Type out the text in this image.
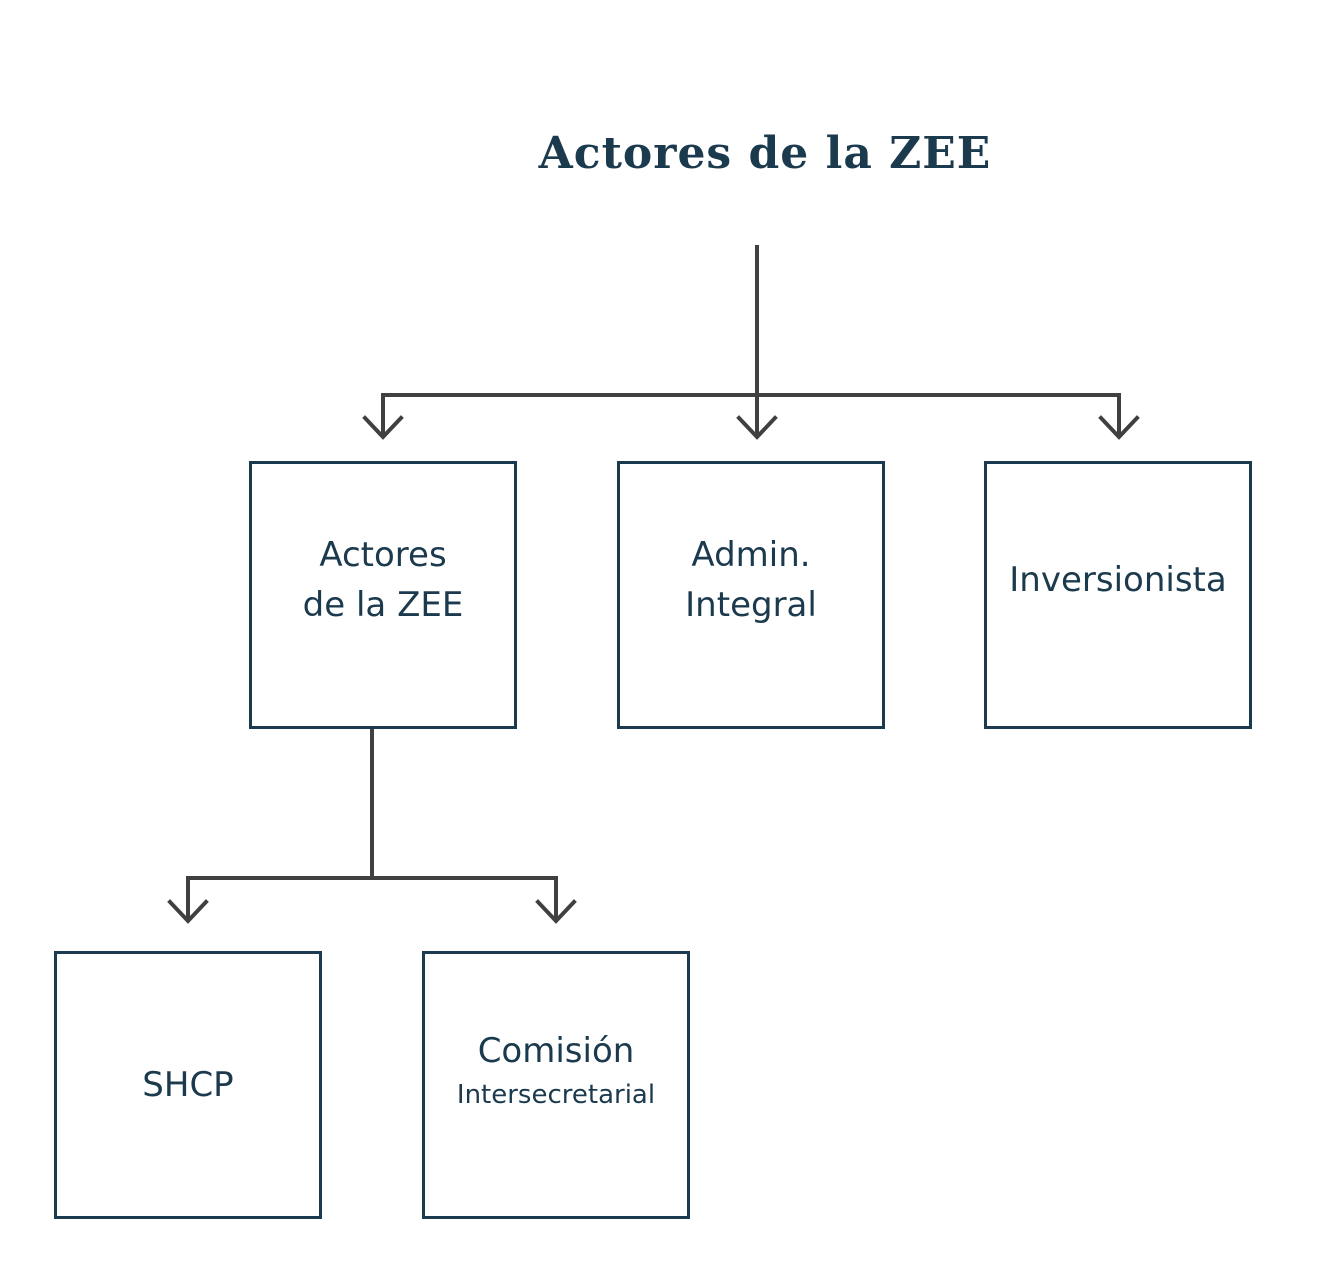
Actores de la ZEE
Actores
de la ZEE
Admin.
Integral
Inversionista
SHCP
Comisión
Intersecretarial
